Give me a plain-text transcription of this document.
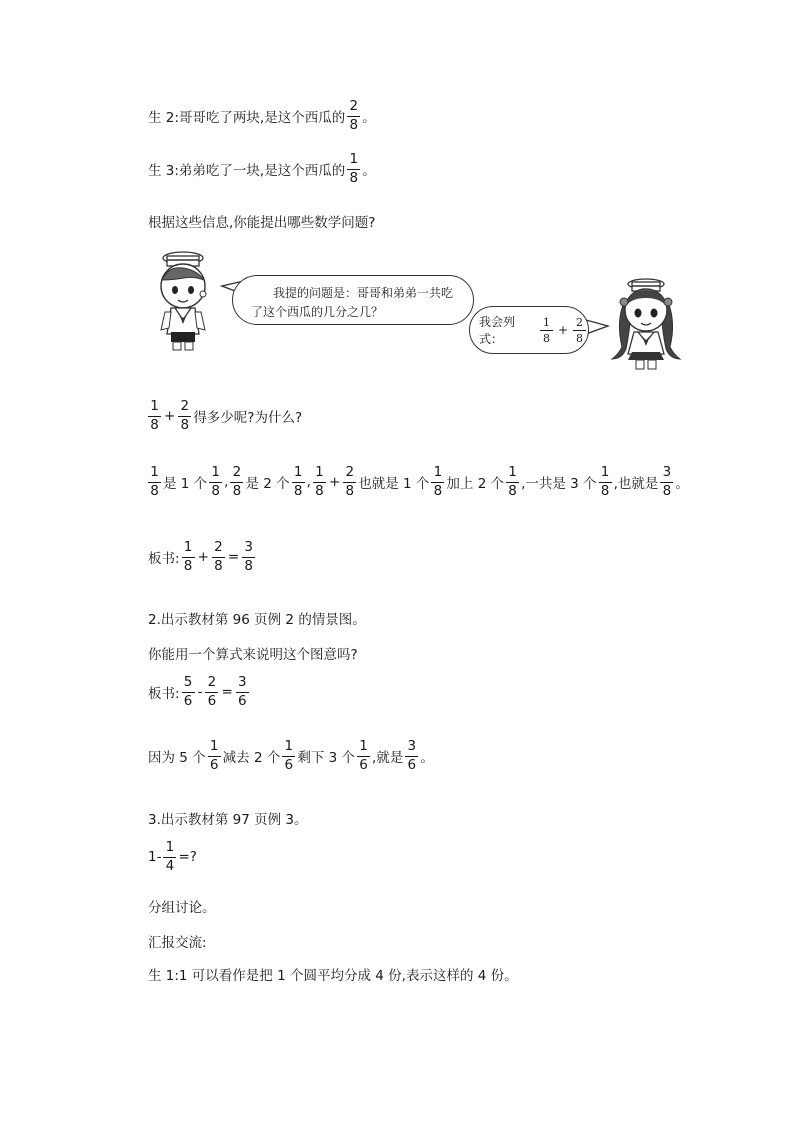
生 2:哥哥吃了两块,是这个西瓜的 $\frac{2}{8}$ 。
生 3:弟弟吃了一块,是这个西瓜的 $\frac{1}{8}$ 。
根据这些信息,你能提出哪些数学问题?
我提的问题是：哥哥和弟弟一共吃
了这个西瓜的几分之几？
我会列式：	$\frac{1}{8} + \frac{2}{8}$
$\frac{1}{8} + \frac{2}{8}$ 得多少呢?为什么?
$\frac{1}{8}$ 是 1 个 $\frac{1}{8}$ , $\frac{2}{8}$ 是 2 个 $\frac{1}{8}$ , $\frac{1}{8} + \frac{2}{8}$ 也就是 1 个 $\frac{1}{8}$ 加上 2 个 $\frac{1}{8}$ ,一共是 3 个 $\frac{1}{8}$ ,也就是 $\frac{3}{8}$ 。
板书: $\frac{1}{8} + \frac{2}{8} = \frac{3}{8}$
2.出示教材第 96 页例 2 的情景图。
你能用一个算式来说明这个图意吗?
板书: $\frac{5}{6} - \frac{2}{6} = \frac{3}{6}$
因为 5 个 $\frac{1}{6}$ 减去 2 个 $\frac{1}{6}$ 剩下 3 个 $\frac{1}{6}$ ,就是 $\frac{3}{6}$ 。
3.出示教材第 97 页例 3。
$1- \frac{1}{4}$ =?
分组讨论。
汇报交流:
生 1:1 可以看作是把 1 个圆平均分成 4 份,表示这样的 4 份。
